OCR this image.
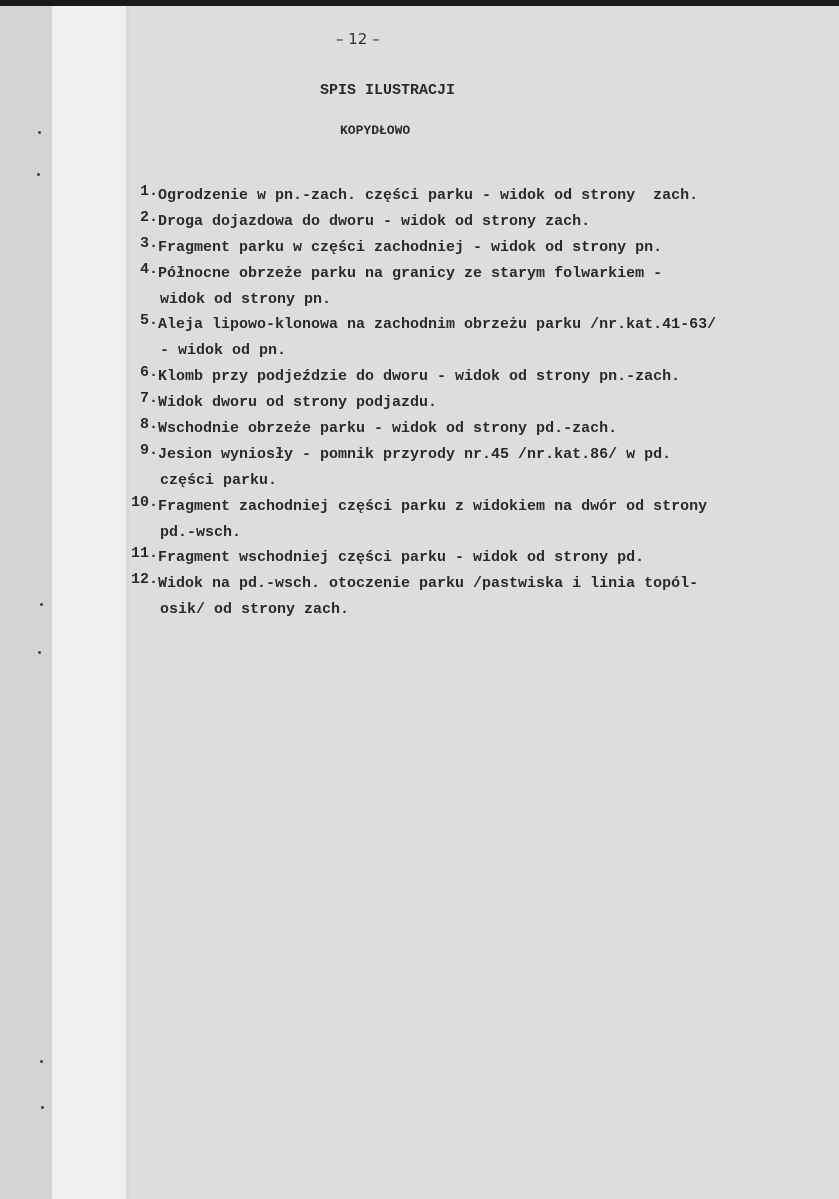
– 12 –
SPIS ILUSTRACJI
KOPYDŁOWO
1. Ogrodzenie w pn.-zach. części parku - widok od strony  zach.
2. Droga dojazdowa do dworu - widok od strony zach.
3. Fragment parku w części zachodniej - widok od strony pn.
4. Północne obrzeże parku na granicy ze starym folwarkiem -
widok od strony pn.
5. Aleja lipowo-klonowa na zachodnim obrzeżu parku /nr.kat.41-63/
- widok od pn.
6. Klomb przy podjeździe do dworu - widok od strony pn.-zach.
7. Widok dworu od strony podjazdu.
8. Wschodnie obrzeże parku - widok od strony pd.-zach.
9. Jesion wyniosły - pomnik przyrody nr.45 /nr.kat.86/ w pd.
części parku.
10. Fragment zachodniej części parku z widokiem na dwór od strony
pd.-wsch.
11. Fragment wschodniej części parku - widok od strony pd.
12. Widok na pd.-wsch. otoczenie parku /pastwiska i linia topól-
osik/ od strony zach.
